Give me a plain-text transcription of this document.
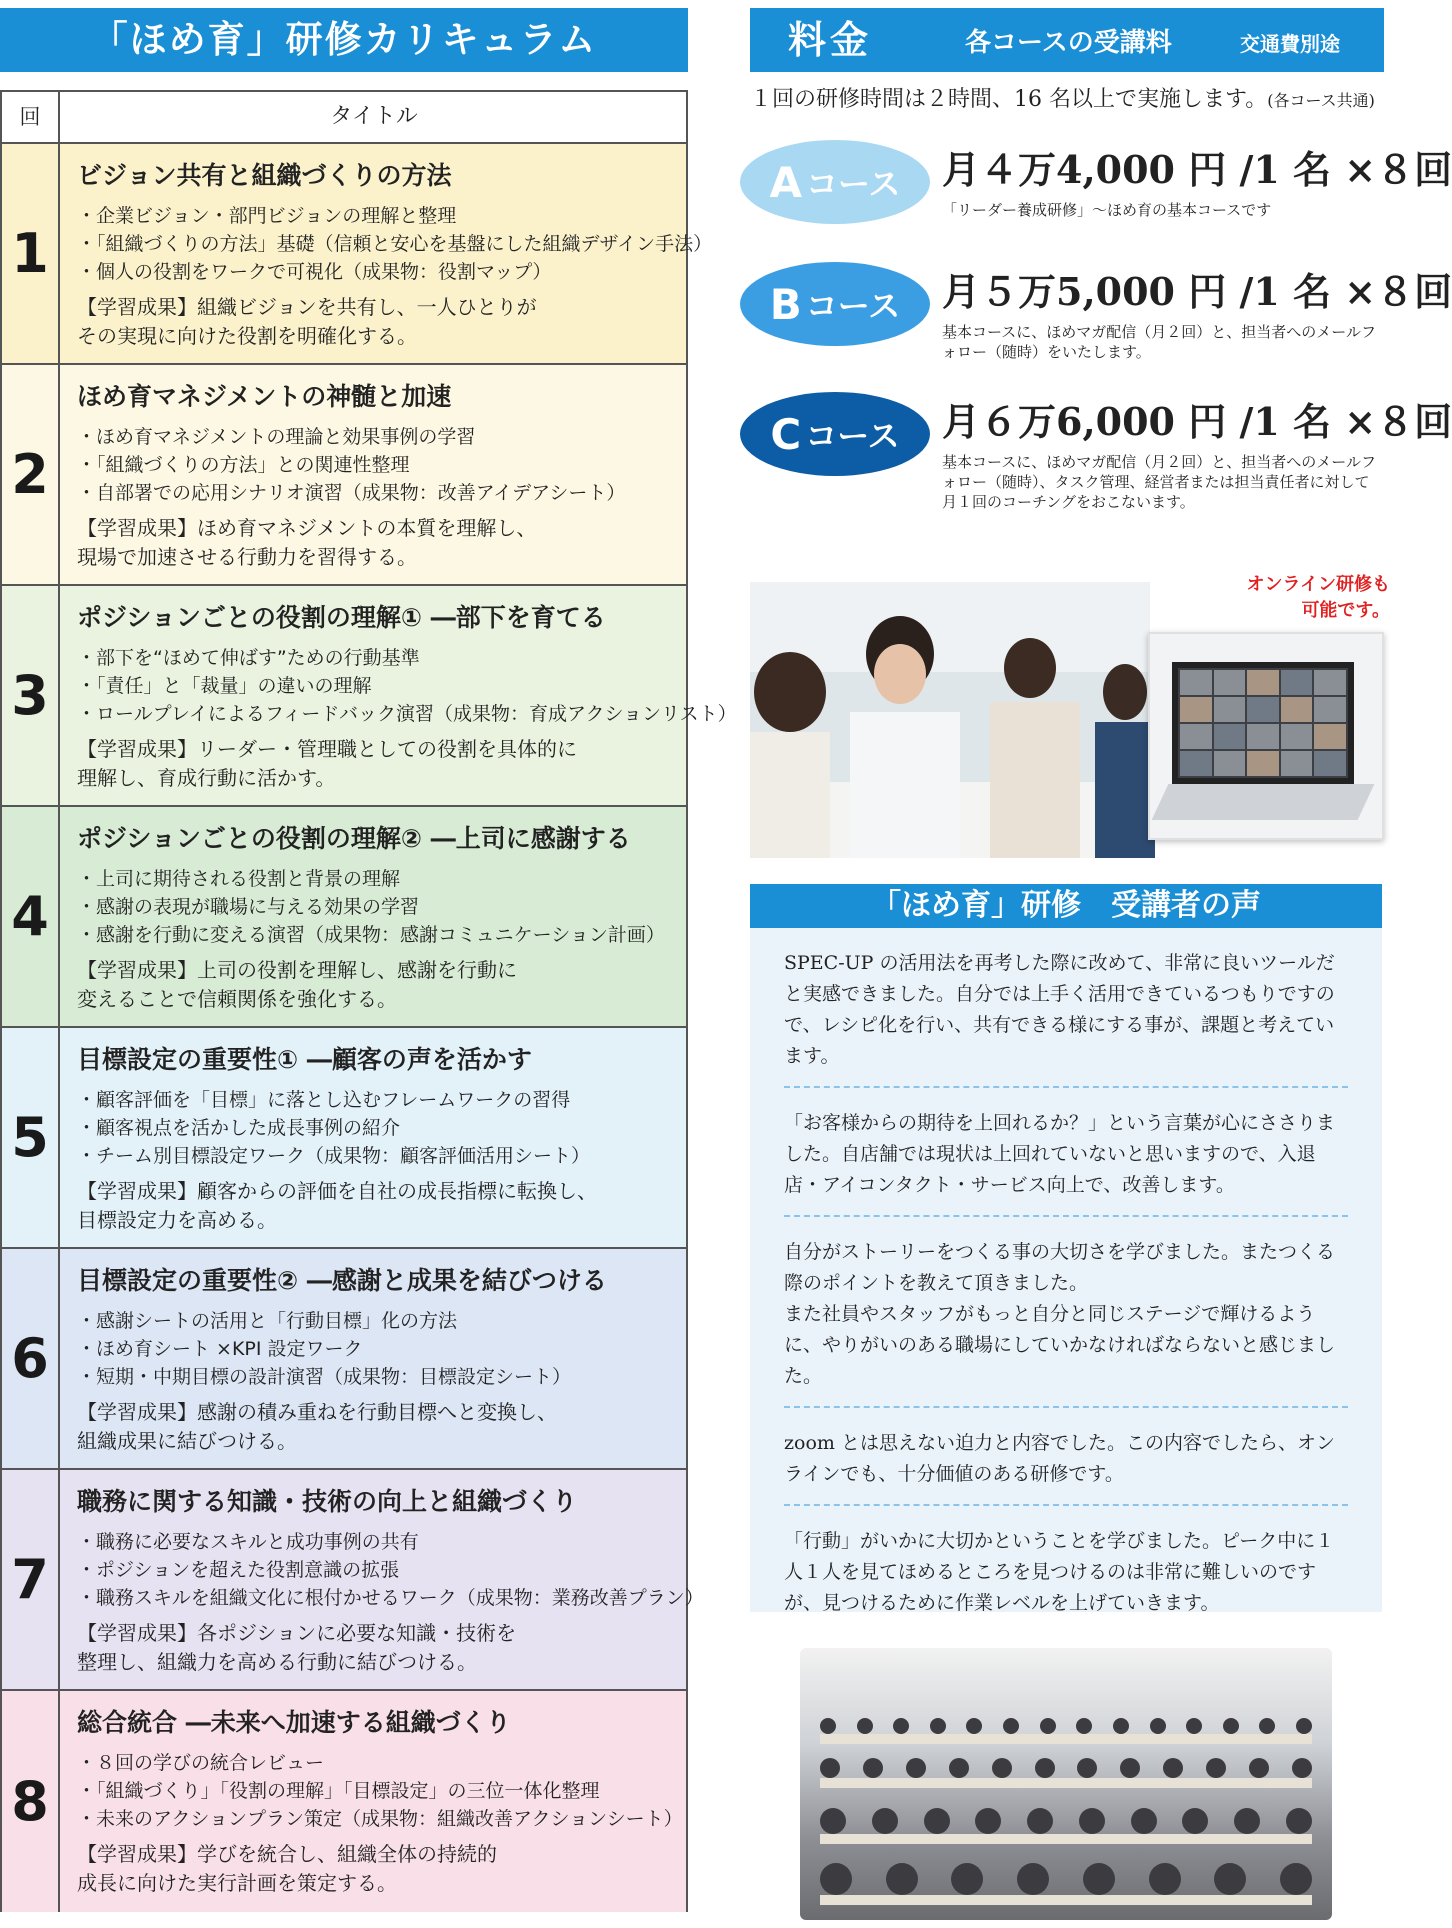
「ほめ育」研修カリキュラム
回	タイトル
1
ビジョン共有と組織づくりの方法
・企業ビジョン・部門ビジョンの理解と整理
・「組織づくりの方法」基礎（信頼と安心を基盤にした組織デザイン手法）
・個人の役割をワークで可視化（成果物：役割マップ）
【学習成果】組織ビジョンを共有し、一人ひとりが
その実現に向けた役割を明確化する。
2
ほめ育マネジメントの神髄と加速
・ほめ育マネジメントの理論と効果事例の学習
・「組織づくりの方法」との関連性整理
・自部署での応用シナリオ演習（成果物：改善アイデアシート）
【学習成果】ほめ育マネジメントの本質を理解し、
現場で加速させる行動力を習得する。
3
ポジションごとの役割の理解① ―部下を育てる
・部下を“ほめて伸ばす”ための行動基準
・「責任」と「裁量」の違いの理解
・ロールプレイによるフィードバック演習（成果物：育成アクションリスト）
【学習成果】リーダー・管理職としての役割を具体的に
理解し、育成行動に活かす。
4
ポジションごとの役割の理解② ―上司に感謝する
・上司に期待される役割と背景の理解
・感謝の表現が職場に与える効果の学習
・感謝を行動に変える演習（成果物：感謝コミュニケーション計画）
【学習成果】上司の役割を理解し、感謝を行動に
変えることで信頼関係を強化する。
5
目標設定の重要性① ―顧客の声を活かす
・顧客評価を「目標」に落とし込むフレームワークの習得
・顧客視点を活かした成長事例の紹介
・チーム別目標設定ワーク（成果物：顧客評価活用シート）
【学習成果】顧客からの評価を自社の成長指標に転換し、
目標設定力を高める。
6
目標設定の重要性② ―感謝と成果を結びつける
・感謝シートの活用と「行動目標」化の方法
・ほめ育シート ×KPI 設定ワーク
・短期・中期目標の設計演習（成果物：目標設定シート）
【学習成果】感謝の積み重ねを行動目標へと変換し、
組織成果に結びつける。
7
職務に関する知識・技術の向上と組織づくり
・職務に必要なスキルと成功事例の共有
・ポジションを超えた役割意識の拡張
・職務スキルを組織文化に根付かせるワーク（成果物：業務改善プラン）
【学習成果】各ポジションに必要な知識・技術を
整理し、組織力を高める行動に結びつける。
8
総合統合 ―未来へ加速する組織づくり
・８回の学びの統合レビュー
・「組織づくり」「役割の理解」「目標設定」の三位一体化整理
・未来のアクションプラン策定（成果物：組織改善アクションシート）
【学習成果】学びを統合し、組織全体の持続的
成長に向けた実行計画を策定する。
料金	各コースの受講料	交通費別途
１回の研修時間は２時間、16 名以上で実施します。(各コース共通)
A コース 月４万4,000 円 /1 名 ×８回
「リーダー養成研修」〜ほめ育の基本コースです
B コース 月５万5,000 円 /1 名 ×８回
基本コースに、ほめマガ配信（月２回）と、担当者へのメールフォロー（随時）をいたします。
C コース 月６万6,000 円 /1 名 ×８回
基本コースに、ほめマガ配信（月２回）と、担当者へのメールフォロー（随時）、タスク管理、経営者または担当責任者に対して月１回のコーチングをおこないます。
オンライン研修も
可能です。
「ほめ育」研修　受講者の声
SPEC-UP の活用法を再考した際に改めて、非常に良いツールだと実感できました。自分では上手く活用できているつもりですので、レシピ化を行い、共有できる様にする事が、課題と考えています。
「お客様からの期待を上回れるか？」という言葉が心にささりました。自店舗では現状は上回れていないと思いますので、入退店・アイコンタクト・サービス向上で、改善します。
自分がストーリーをつくる事の大切さを学びました。またつくる際のポイントを教えて頂きました。
また社員やスタッフがもっと自分と同じステージで輝けるように、やりがいのある職場にしていかなければならないと感じました。
zoom とは思えない迫力と内容でした。この内容でしたら、オンラインでも、十分価値のある研修です。
「行動」がいかに大切かということを学びました。ピーク中に１人１人を見てほめるところを見つけるのは非常に難しいのですが、見つけるために作業レベルを上げていきます。
